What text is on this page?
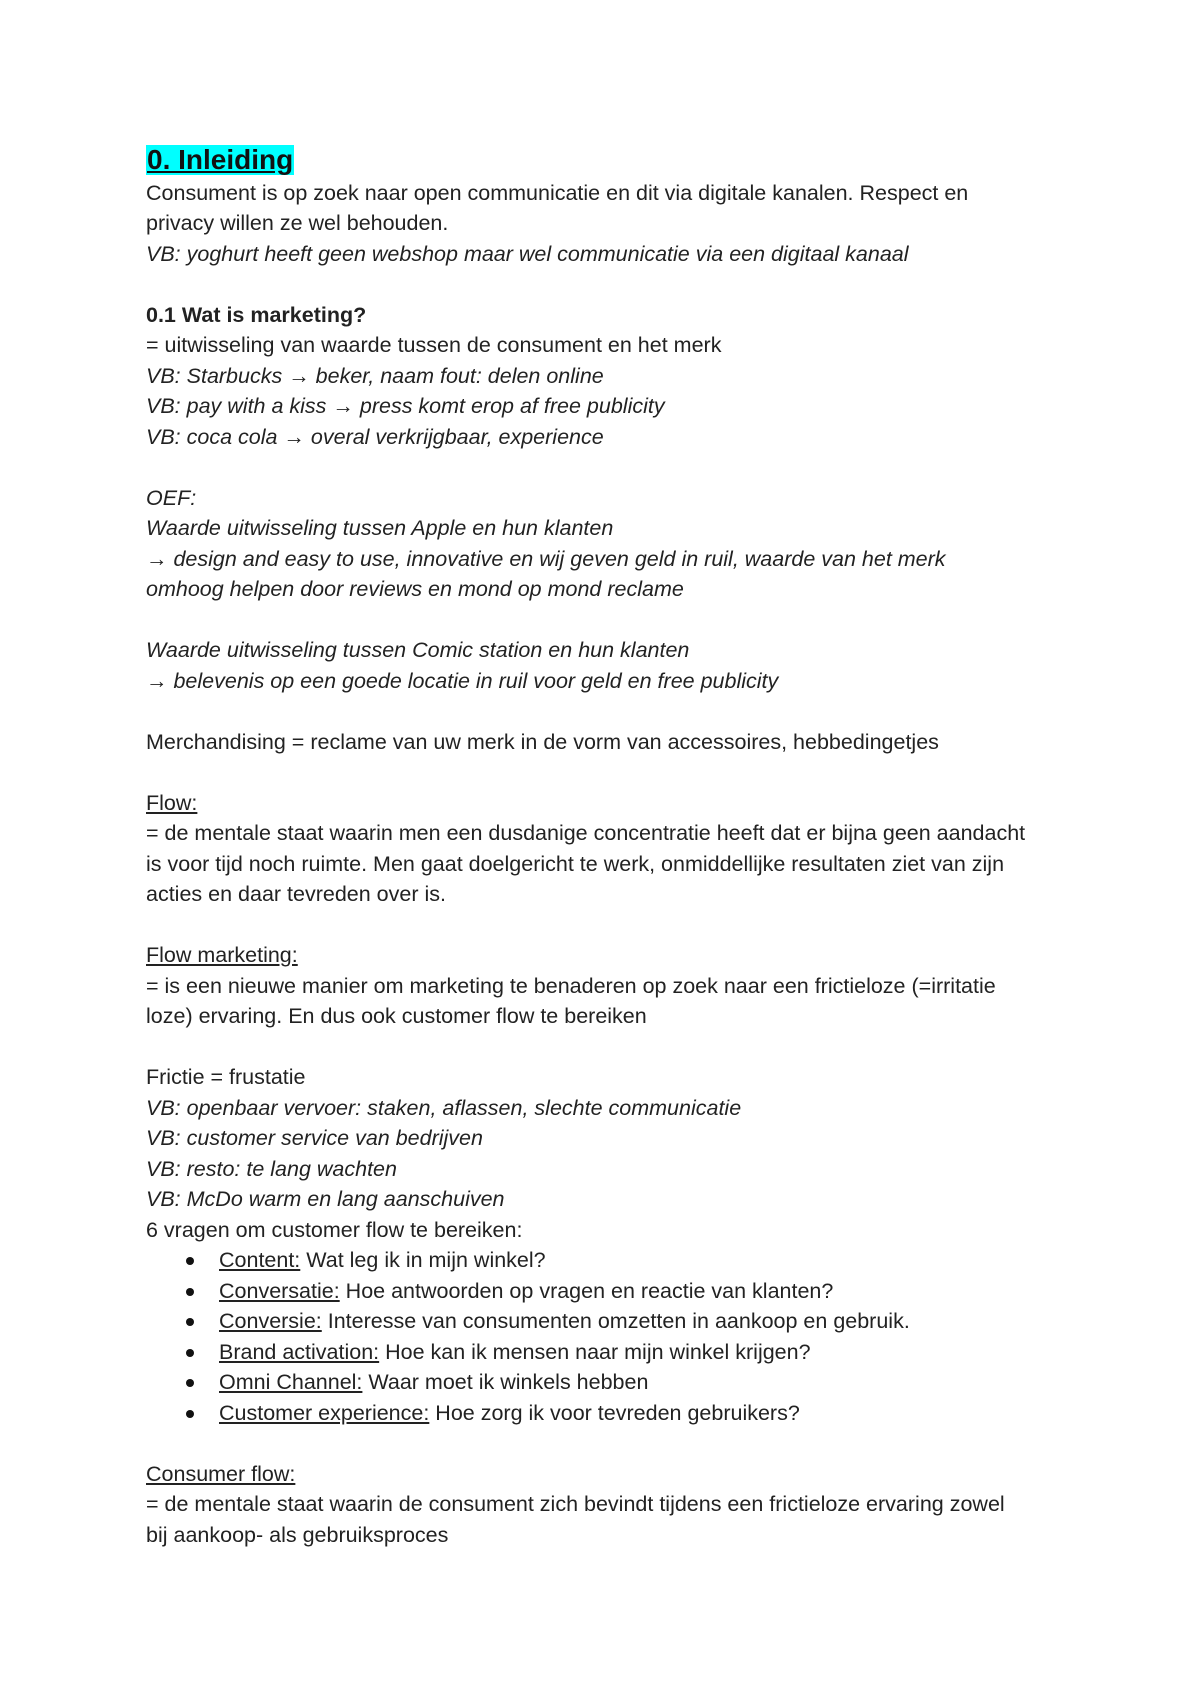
0. Inleiding
Consument is op zoek naar open communicatie en dit via digitale kanalen. Respect en
privacy willen ze wel behouden.
VB: yoghurt heeft geen webshop maar wel communicatie via een digitaal kanaal
0.1 Wat is marketing?
= uitwisseling van waarde tussen de consument en het merk
VB: Starbucks → beker, naam fout: delen online
VB: pay with a kiss → press komt erop af free publicity
VB: coca cola → overal verkrijgbaar, experience
OEF:
Waarde uitwisseling tussen Apple en hun klanten
→ design and easy to use, innovative en wij geven geld in ruil, waarde van het merk
omhoog helpen door reviews en mond op mond reclame
Waarde uitwisseling tussen Comic station en hun klanten
→ belevenis op een goede locatie in ruil voor geld en free publicity
Merchandising = reclame van uw merk in de vorm van accessoires, hebbedingetjes
Flow:
= de mentale staat waarin men een dusdanige concentratie heeft dat er bijna geen aandacht
is voor tijd noch ruimte. Men gaat doelgericht te werk, onmiddellijke resultaten ziet van zijn
acties en daar tevreden over is.
Flow marketing:
= is een nieuwe manier om marketing te benaderen op zoek naar een frictieloze (=irritatie
loze) ervaring. En dus ook customer flow te bereiken
Frictie = frustatie
VB: openbaar vervoer: staken, aflassen, slechte communicatie
VB: customer service van bedrijven
VB: resto: te lang wachten
VB: McDo warm en lang aanschuiven
6 vragen om customer flow te bereiken:
Content: Wat leg ik in mijn winkel?
Conversatie: Hoe antwoorden op vragen en reactie van klanten?
Conversie: Interesse van consumenten omzetten in aankoop en gebruik.
Brand activation: Hoe kan ik mensen naar mijn winkel krijgen?
Omni Channel: Waar moet ik winkels hebben
Customer experience: Hoe zorg ik voor tevreden gebruikers?
Consumer flow:
= de mentale staat waarin de consument zich bevindt tijdens een frictieloze ervaring zowel
bij aankoop- als gebruiksproces
